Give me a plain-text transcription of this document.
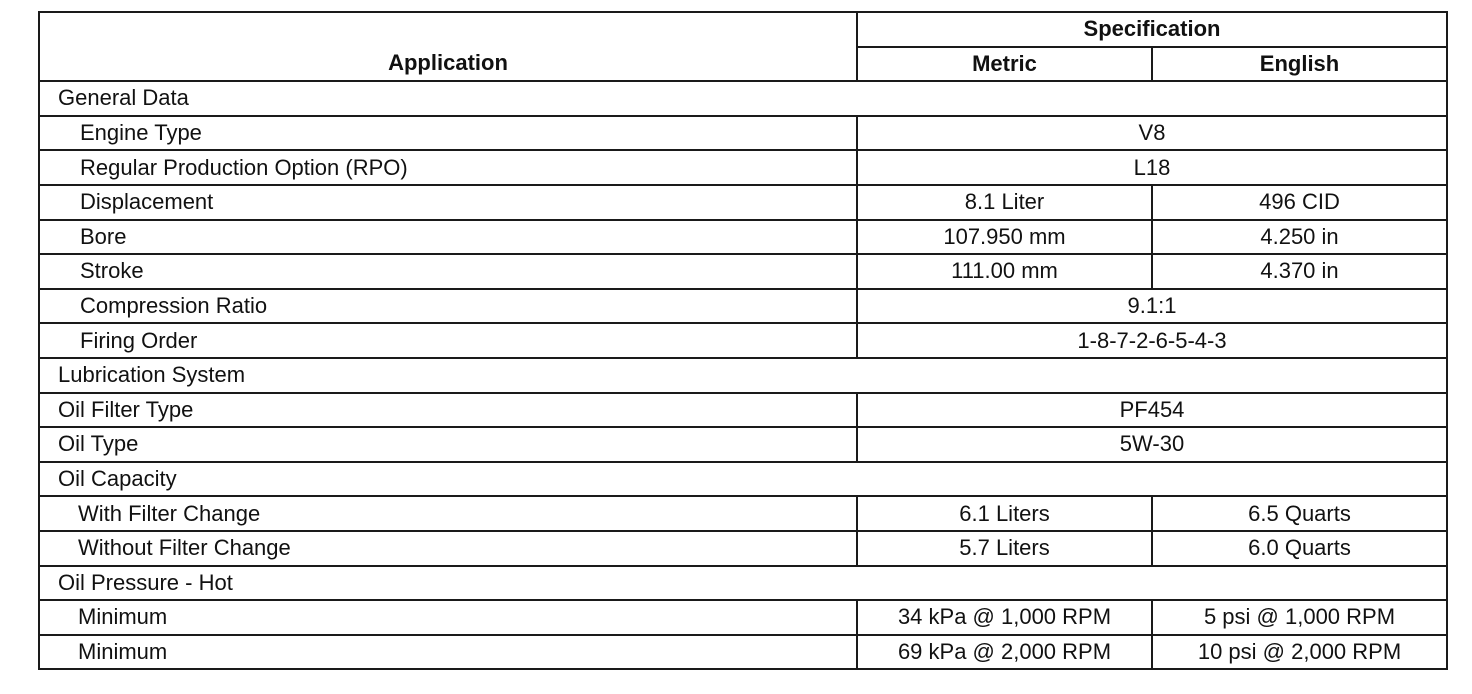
Application	Specification	
	Metric	English
General Data		
Engine Type	V8	
Regular Production Option (RPO)	L18	
Displacement	8.1 Liter	496 CID
Bore	107.950 mm	4.250 in
Stroke	111.00 mm	4.370 in
Compression Ratio	9.1:1	
Firing Order	1-8-7-2-6-5-4-3	
Lubrication System		
Oil Filter Type	PF454	
Oil Type	5W-30	
Oil Capacity		
With Filter Change	6.1 Liters	6.5 Quarts
Without Filter Change	5.7 Liters	6.0 Quarts
Oil Pressure - Hot		
Minimum	34 kPa @ 1,000 RPM	5 psi @ 1,000 RPM
Minimum	69 kPa @ 2,000 RPM	10 psi @ 2,000 RPM
